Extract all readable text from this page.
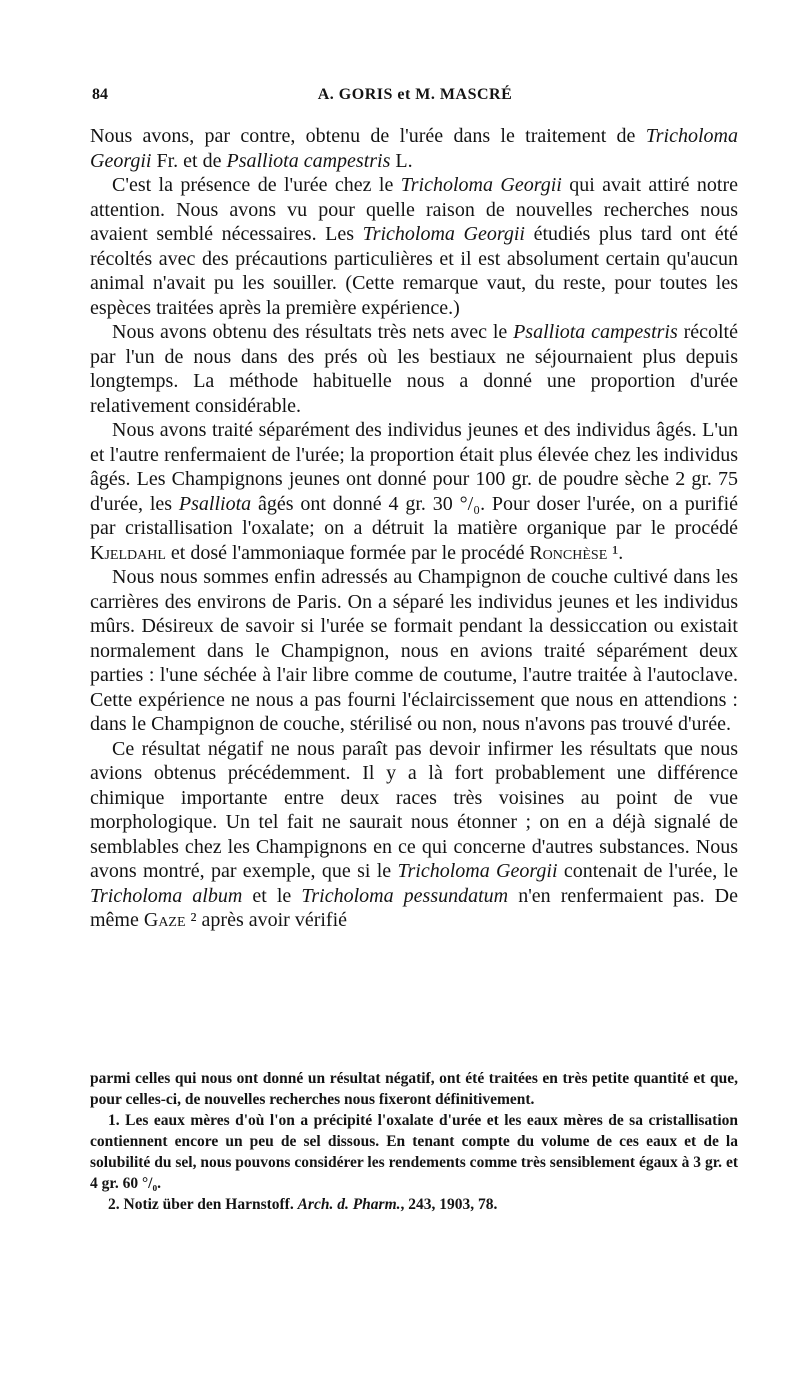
84	A. GORIS et M. MASCRÉ

Nous avons, par contre, obtenu de l'urée dans le traitement de Tricholoma Georgii Fr. et de Psalliota campestris L.

C'est la présence de l'urée chez le Tricholoma Georgii qui avait attiré notre attention. Nous avons vu pour quelle raison de nouvelles recherches nous avaient semblé nécessaires. Les Tricholoma Georgii étudiés plus tard ont été récoltés avec des précautions particulières et il est absolument certain qu'aucun animal n'avait pu les souiller. (Cette remarque vaut, du reste, pour toutes les espèces traitées après la première expérience.)

Nous avons obtenu des résultats très nets avec le Psalliota campestris récolté par l'un de nous dans des prés où les bestiaux ne séjournaient plus depuis longtemps. La méthode habituelle nous a donné une proportion d'urée relativement considérable.

Nous avons traité séparément des individus jeunes et des individus âgés. L'un et l'autre renfermaient de l'urée; la proportion était plus élevée chez les individus âgés. Les Champignons jeunes ont donné pour 100 gr. de poudre sèche 2 gr. 75 d'urée, les Psalliota âgés ont donné 4 gr. 30 °/₀. Pour doser l'urée, on a purifié par cristallisation l'oxalate; on a détruit la matière organique par le procédé Kjeldahl et dosé l'ammoniaque formée par le procédé Ronchèse ¹.

Nous nous sommes enfin adressés au Champignon de couche cultivé dans les carrières des environs de Paris. On a séparé les individus jeunes et les individus mûrs. Désireux de savoir si l'urée se formait pendant la dessiccation ou existait normalement dans le Champignon, nous en avions traité séparément deux parties : l'une séchée à l'air libre comme de coutume, l'autre traitée à l'autoclave. Cette expérience ne nous a pas fourni l'éclaircissement que nous en attendions : dans le Champignon de couche, stérilisé ou non, nous n'avons pas trouvé d'urée.

Ce résultat négatif ne nous paraît pas devoir infirmer les résultats que nous avions obtenus précédemment. Il y a là fort probablement une différence chimique importante entre deux races très voisines au point de vue morphologique. Un tel fait ne saurait nous étonner ; on en a déjà signalé de semblables chez les Champignons en ce qui concerne d'autres substances. Nous avons montré, par exemple, que si le Tricholoma Georgii contenait de l'urée, le Tricholoma album et le Tricholoma pessundatum n'en renfermaient pas. De même Gaze ² après avoir vérifié

parmi celles qui nous ont donné un résultat négatif, ont été traitées en très petite quantité et que, pour celles-ci, de nouvelles recherches nous fixeront définitivement.

1. Les eaux mères d'où l'on a précipité l'oxalate d'urée et les eaux mères de sa cristallisation contiennent encore un peu de sel dissous. En tenant compte du volume de ces eaux et de la solubilité du sel, nous pouvons considérer les rendements comme très sensiblement égaux à 3 gr. et 4 gr. 60 °/₀.

2. Notiz über den Harnstoff. Arch. d. Pharm., 243, 1903, 78.
